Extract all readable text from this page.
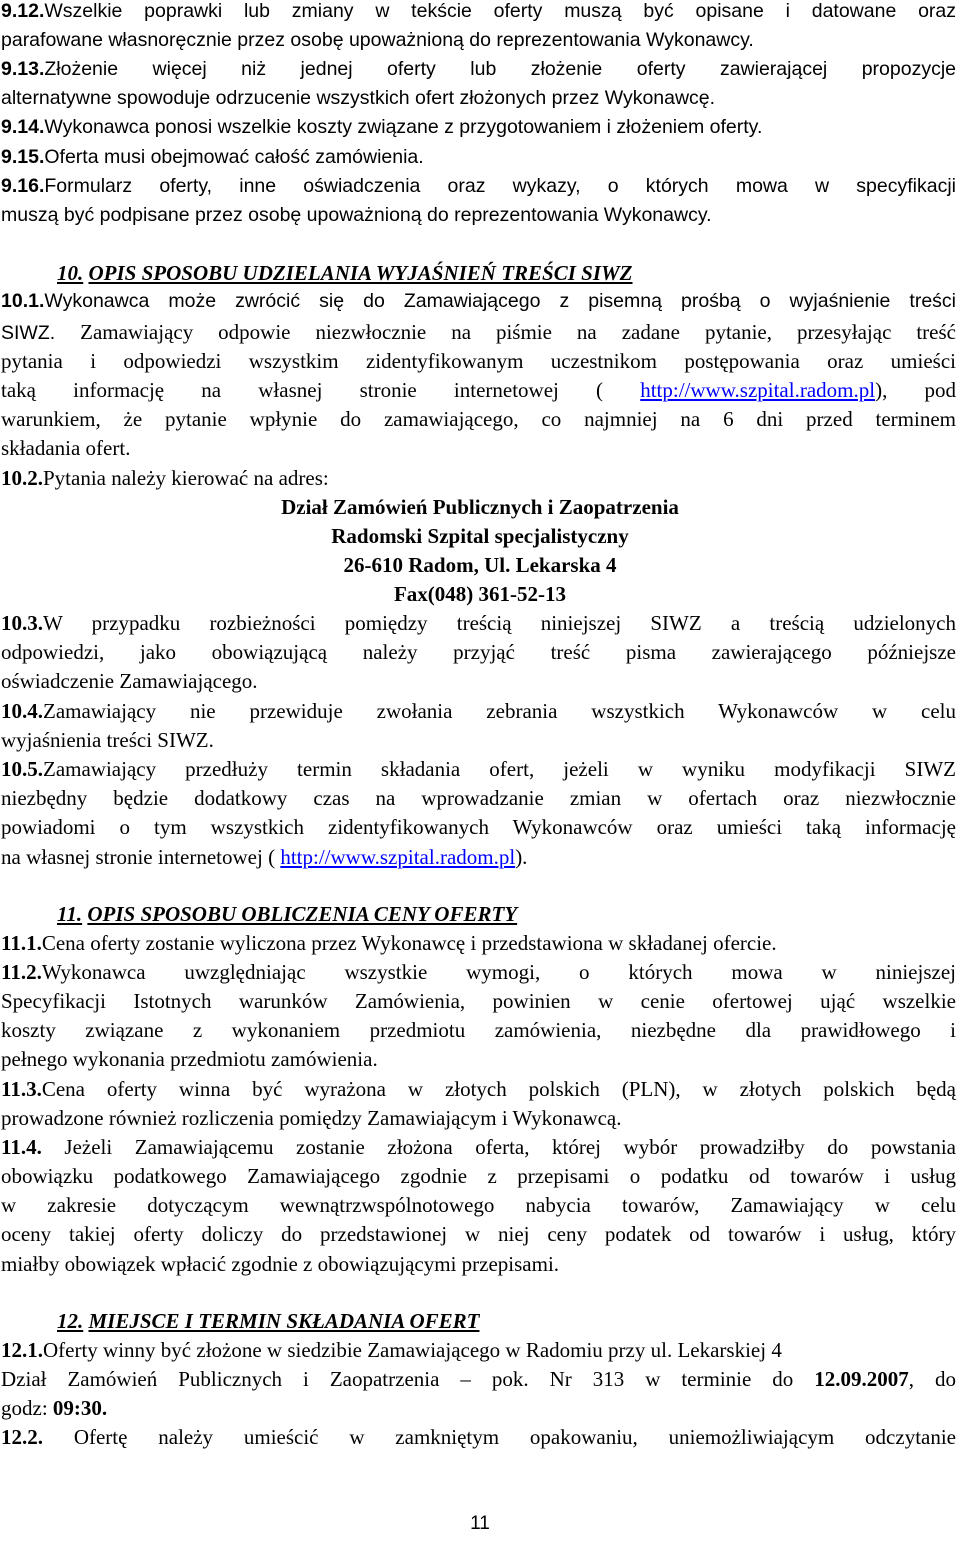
9.12.Wszelkie poprawki lub zmiany w tekście oferty muszą być opisane i datowane oraz
parafowane własnoręcznie przez osobę upoważnioną do reprezentowania Wykonawcy.
9.13.Złożenie więcej niż jednej oferty lub złożenie oferty zawierającej propozycje
alternatywne spowoduje odrzucenie wszystkich ofert złożonych przez Wykonawcę.
9.14.Wykonawca ponosi wszelkie koszty związane z przygotowaniem i złożeniem oferty.
9.15.Oferta musi obejmować całość zamówienia.
9.16.Formularz oferty, inne oświadczenia oraz wykazy, o których mowa w specyfikacji
muszą być podpisane przez osobę upoważnioną do reprezentowania Wykonawcy.
10. OPIS SPOSOBU UDZIELANIA WYJAŚNIEŃ TREŚCI SIWZ
10.1.Wykonawca może zwrócić się do Zamawiającego z pisemną prośbą o wyjaśnienie treści
SIWZ. Zamawiający odpowie niezwłocznie na piśmie na zadane pytanie, przesyłając treść
pytania i odpowiedzi wszystkim zidentyfikowanym uczestnikom postępowania oraz umieści
taką informację na własnej stronie internetowej ( http://www.szpital.radom.pl), pod
warunkiem, że pytanie wpłynie do zamawiającego, co najmniej na 6 dni przed terminem
składania ofert.
10.2.Pytania należy kierować na adres:
Dział Zamówień Publicznych i Zaopatrzenia
Radomski Szpital specjalistyczny
26-610 Radom, Ul. Lekarska 4
Fax(048) 361-52-13
10.3.W przypadku rozbieżności pomiędzy treścią niniejszej SIWZ a treścią udzielonych
odpowiedzi, jako obowiązującą należy przyjąć treść pisma zawierającego późniejsze
oświadczenie Zamawiającego.
10.4.Zamawiający nie przewiduje zwołania zebrania wszystkich Wykonawców w celu
wyjaśnienia treści SIWZ.
10.5.Zamawiający przedłuży termin składania ofert, jeżeli w wyniku modyfikacji SIWZ
niezbędny będzie dodatkowy czas na wprowadzanie zmian w ofertach oraz niezwłocznie
powiadomi o tym wszystkich zidentyfikowanych Wykonawców oraz umieści taką informację
na własnej stronie internetowej ( http://www.szpital.radom.pl).
11. OPIS SPOSOBU OBLICZENIA CENY OFERTY
11.1.Cena oferty zostanie wyliczona przez Wykonawcę i przedstawiona w składanej ofercie.
11.2.Wykonawca uwzględniając wszystkie wymogi, o których mowa w niniejszej
Specyfikacji Istotnych warunków Zamówienia, powinien w cenie ofertowej ująć wszelkie
koszty związane z wykonaniem przedmiotu zamówienia, niezbędne dla prawidłowego i
pełnego wykonania przedmiotu zamówienia.
11.3.Cena oferty winna być wyrażona w złotych polskich (PLN), w złotych polskich będą
prowadzone również rozliczenia pomiędzy Zamawiającym i Wykonawcą.
11.4. Jeżeli Zamawiającemu zostanie złożona oferta, której wybór prowadziłby do powstania
obowiązku podatkowego Zamawiającego zgodnie z przepisami o podatku od towarów i usług
w zakresie dotyczącym wewnątrzwspólnotowego nabycia towarów, Zamawiający w celu
oceny takiej oferty doliczy do przedstawionej w niej ceny podatek od towarów i usług, który
miałby obowiązek wpłacić zgodnie z obowiązującymi przepisami.
12. MIEJSCE I TERMIN SKŁADANIA OFERT
12.1.Oferty winny być złożone w siedzibie Zamawiającego w Radomiu przy ul. Lekarskiej 4
Dział Zamówień Publicznych i Zaopatrzenia – pok. Nr 313 w terminie do 12.09.2007, do
godz: 09:30.
12.2. Ofertę należy umieścić w zamkniętym opakowaniu, uniemożliwiającym odczytanie
11
